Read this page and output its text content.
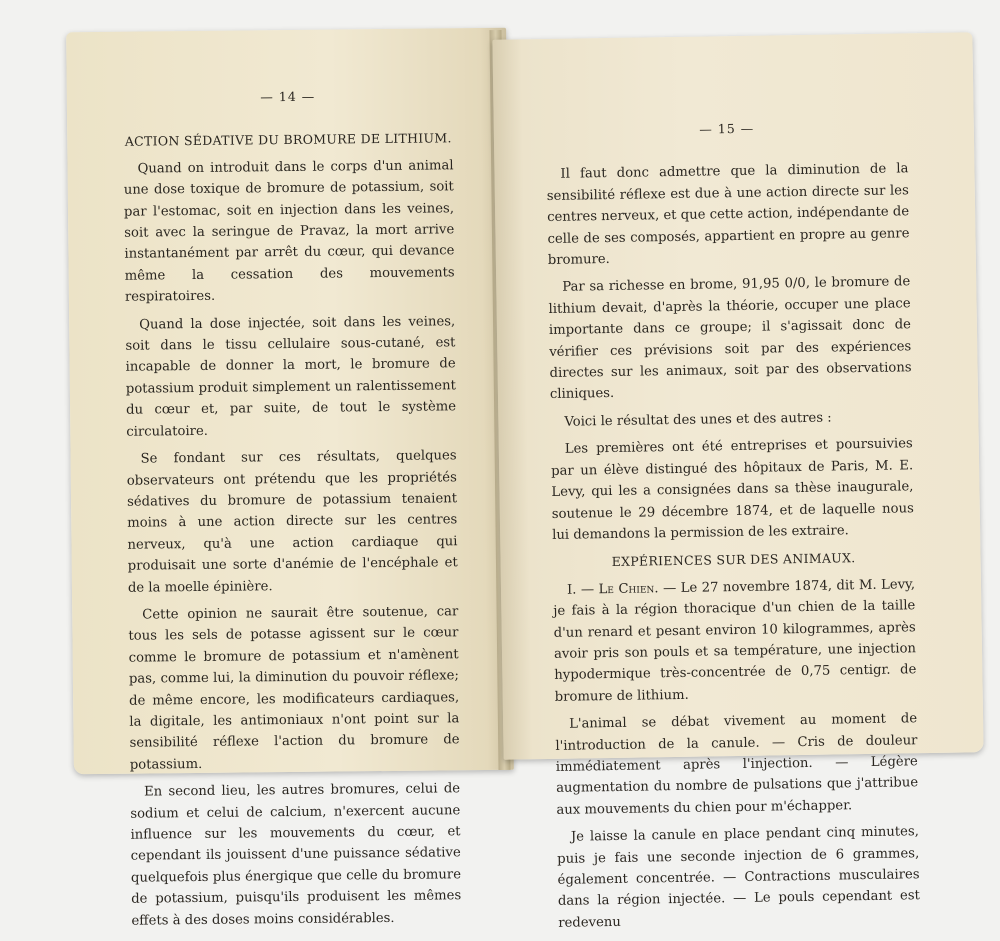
— 14 —

ACTION SÉDATIVE DU BROMURE DE LITHIUM.

Quand on introduit dans le corps d'un animal une dose toxique de bromure de potassium, soit par l'estomac, soit en injection dans les veines, soit avec la seringue de Pravaz, la mort arrive instantanément par arrêt du cœur, qui devance même la cessation des mouvements respiratoires.

Quand la dose injectée, soit dans les veines, soit dans le tissu cellulaire sous-cutané, est incapable de donner la mort, le bromure de potassium produit simplement un ralentissement du cœur et, par suite, de tout le système circulatoire.

Se fondant sur ces résultats, quelques observateurs ont prétendu que les propriétés sédatives du bromure de potassium tenaient moins à une action directe sur les centres nerveux, qu'à une action cardiaque qui produisait une sorte d'anémie de l'encéphale et de la moelle épinière.

Cette opinion ne saurait être soutenue, car tous les sels de potasse agissent sur le cœur comme le bromure de potassium et n'amènent pas, comme lui, la diminution du pouvoir réflexe; de même encore, les modificateurs cardiaques, la digitale, les antimoniaux n'ont point sur la sensibilité réflexe l'action du bromure de potassium.

En second lieu, les autres bromures, celui de sodium et celui de calcium, n'exercent aucune influence sur les mouvements du cœur, et cependant ils jouissent d'une puissance sédative quelquefois plus énergique que celle du bromure de potassium, puisqu'ils produisent les mêmes effets à des doses moins considérables.

— 15 —

Il faut donc admettre que la diminution de la sensibilité réflexe est due à une action directe sur les centres nerveux, et que cette action, indépendante de celle de ses composés, appartient en propre au genre bromure.

Par sa richesse en brome, 91,95 0/0, le bromure de lithium devait, d'après la théorie, occuper une place importante dans ce groupe; il s'agissait donc de vérifier ces prévisions soit par des expériences directes sur les animaux, soit par des observations cliniques.

Voici le résultat des unes et des autres :

Les premières ont été entreprises et poursuivies par un élève distingué des hôpitaux de Paris, M. E. Levy, qui les a consignées dans sa thèse inaugurale, soutenue le 29 décembre 1874, et de laquelle nous lui demandons la permission de les extraire.

EXPÉRIENCES SUR DES ANIMAUX.

I. — Le Chien. — Le 27 novembre 1874, dit M. Levy, je fais à la région thoracique d'un chien de la taille d'un renard et pesant environ 10 kilogrammes, après avoir pris son pouls et sa température, une injection hypodermique très-concentrée de 0,75 centigr. de bromure de lithium.

L'animal se débat vivement au moment de l'introduction de la canule. — Cris de douleur immédiatement après l'injection. — Légère augmentation du nombre de pulsations que j'attribue aux mouvements du chien pour m'échapper.

Je laisse la canule en place pendant cinq minutes, puis je fais une seconde injection de 6 grammes, également concentrée. — Contractions musculaires dans la région injectée. — Le pouls cependant est redevenu
